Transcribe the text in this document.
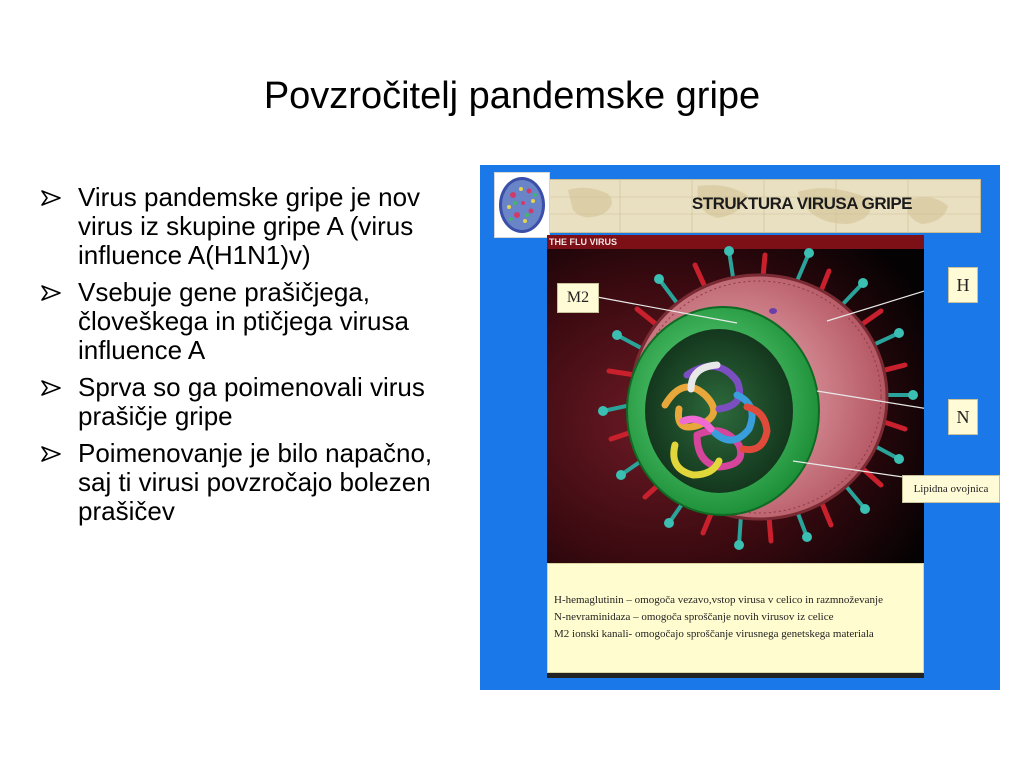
Povzročitelj pandemske gripe
Virus pandemske gripe je nov virus iz skupine gripe A (virus influence A(H1N1)v)
Vsebuje gene prašičjega, človeškega in ptičjega virusa influence A
Sprva so ga poimenovali virus prašičje gripe
Poimenovanje je bilo napačno, saj ti virusi povzročajo bolezen prašičev
STRUKTURA VIRUSA GRIPE
THE FLU VIRUS
M2
H
N
Lipidna ovojnica
H-hemaglutinin – omogoča vezavo,vstop virusa v celico in razmnoževanje
N-nevraminidaza – omogoča sproščanje novih virusov iz celice
M2 ionski kanali- omogočajo sproščanje virusnega genetskega materiala
